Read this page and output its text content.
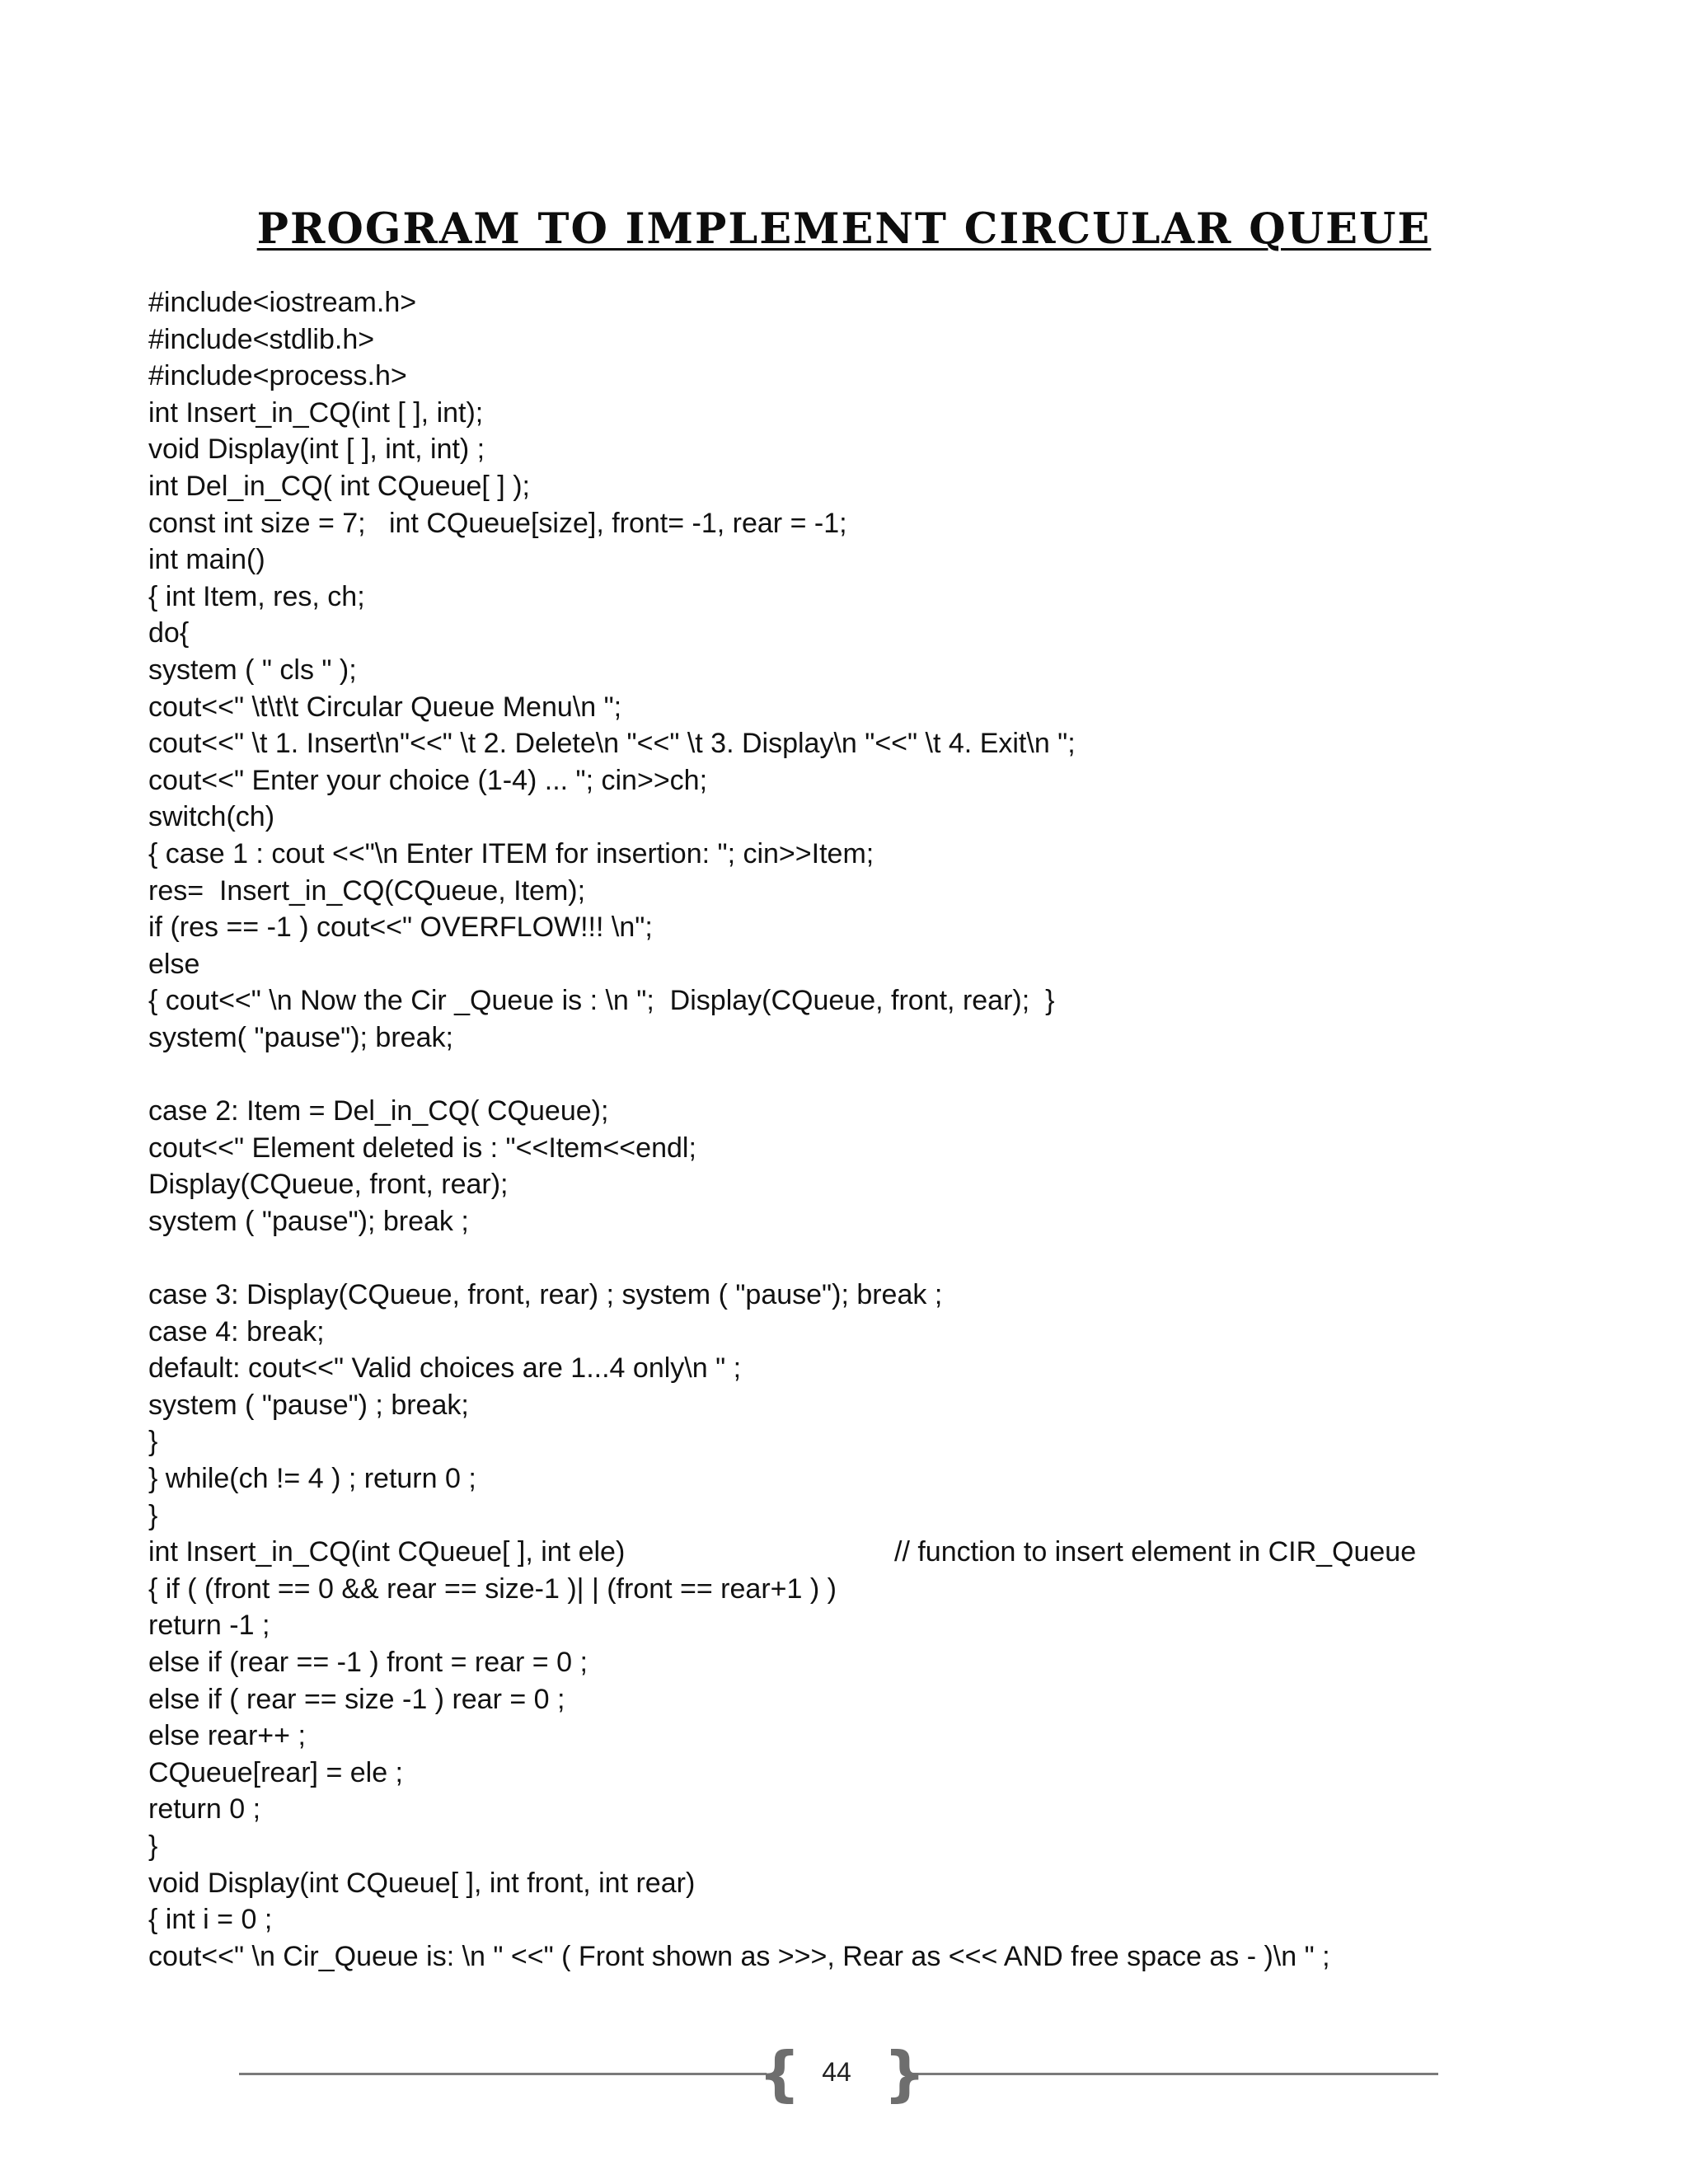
PROGRAM TO IMPLEMENT CIRCULAR QUEUE
#include<iostream.h>
#include<stdlib.h>
#include<process.h>
int Insert_in_CQ(int [ ], int);
void Display(int [ ], int, int) ;
int Del_in_CQ( int CQueue[ ] );
const int size = 7;   int CQueue[size], front= -1, rear = -1;
int main()
{ int Item, res, ch;
do{
system ( " cls " );
cout<<" \t\t\t Circular Queue Menu\n ";
cout<<" \t 1. Insert\n"<<" \t 2. Delete\n "<<" \t 3. Display\n "<<" \t 4. Exit\n ";
cout<<" Enter your choice (1-4) ... "; cin>>ch;
switch(ch)
{ case 1 : cout <<"\n Enter ITEM for insertion: "; cin>>Item;
res=  Insert_in_CQ(CQueue, Item);
if (res == -1 ) cout<<" OVERFLOW!!! \n";
else
{ cout<<" \n Now the Cir _Queue is : \n ";  Display(CQueue, front, rear);  }
system( "pause"); break;
case 2: Item = Del_in_CQ( CQueue);
cout<<" Element deleted is : "<<Item<<endl;
Display(CQueue, front, rear);
system ( "pause"); break ;
case 3: Display(CQueue, front, rear) ; system ( "pause"); break ;
case 4: break;
default: cout<<" Valid choices are 1...4 only\n " ;
system ( "pause") ; break;
}
} while(ch != 4 ) ; return 0 ;
}
int Insert_in_CQ(int CQueue[ ], int ele)	// function to insert element in CIR_Queue
{ if ( (front == 0 && rear == size-1 )| | (front == rear+1 ) )
return -1 ;
else if (rear == -1 ) front = rear = 0 ;
else if ( rear == size -1 ) rear = 0 ;
else rear++ ;
CQueue[rear] = ele ;
return 0 ;
}
void Display(int CQueue[ ], int front, int rear)
{ int i = 0 ;
cout<<" \n Cir_Queue is: \n " <<" ( Front shown as >>>, Rear as <<< AND free space as - )\n " ;
{ 44 }
